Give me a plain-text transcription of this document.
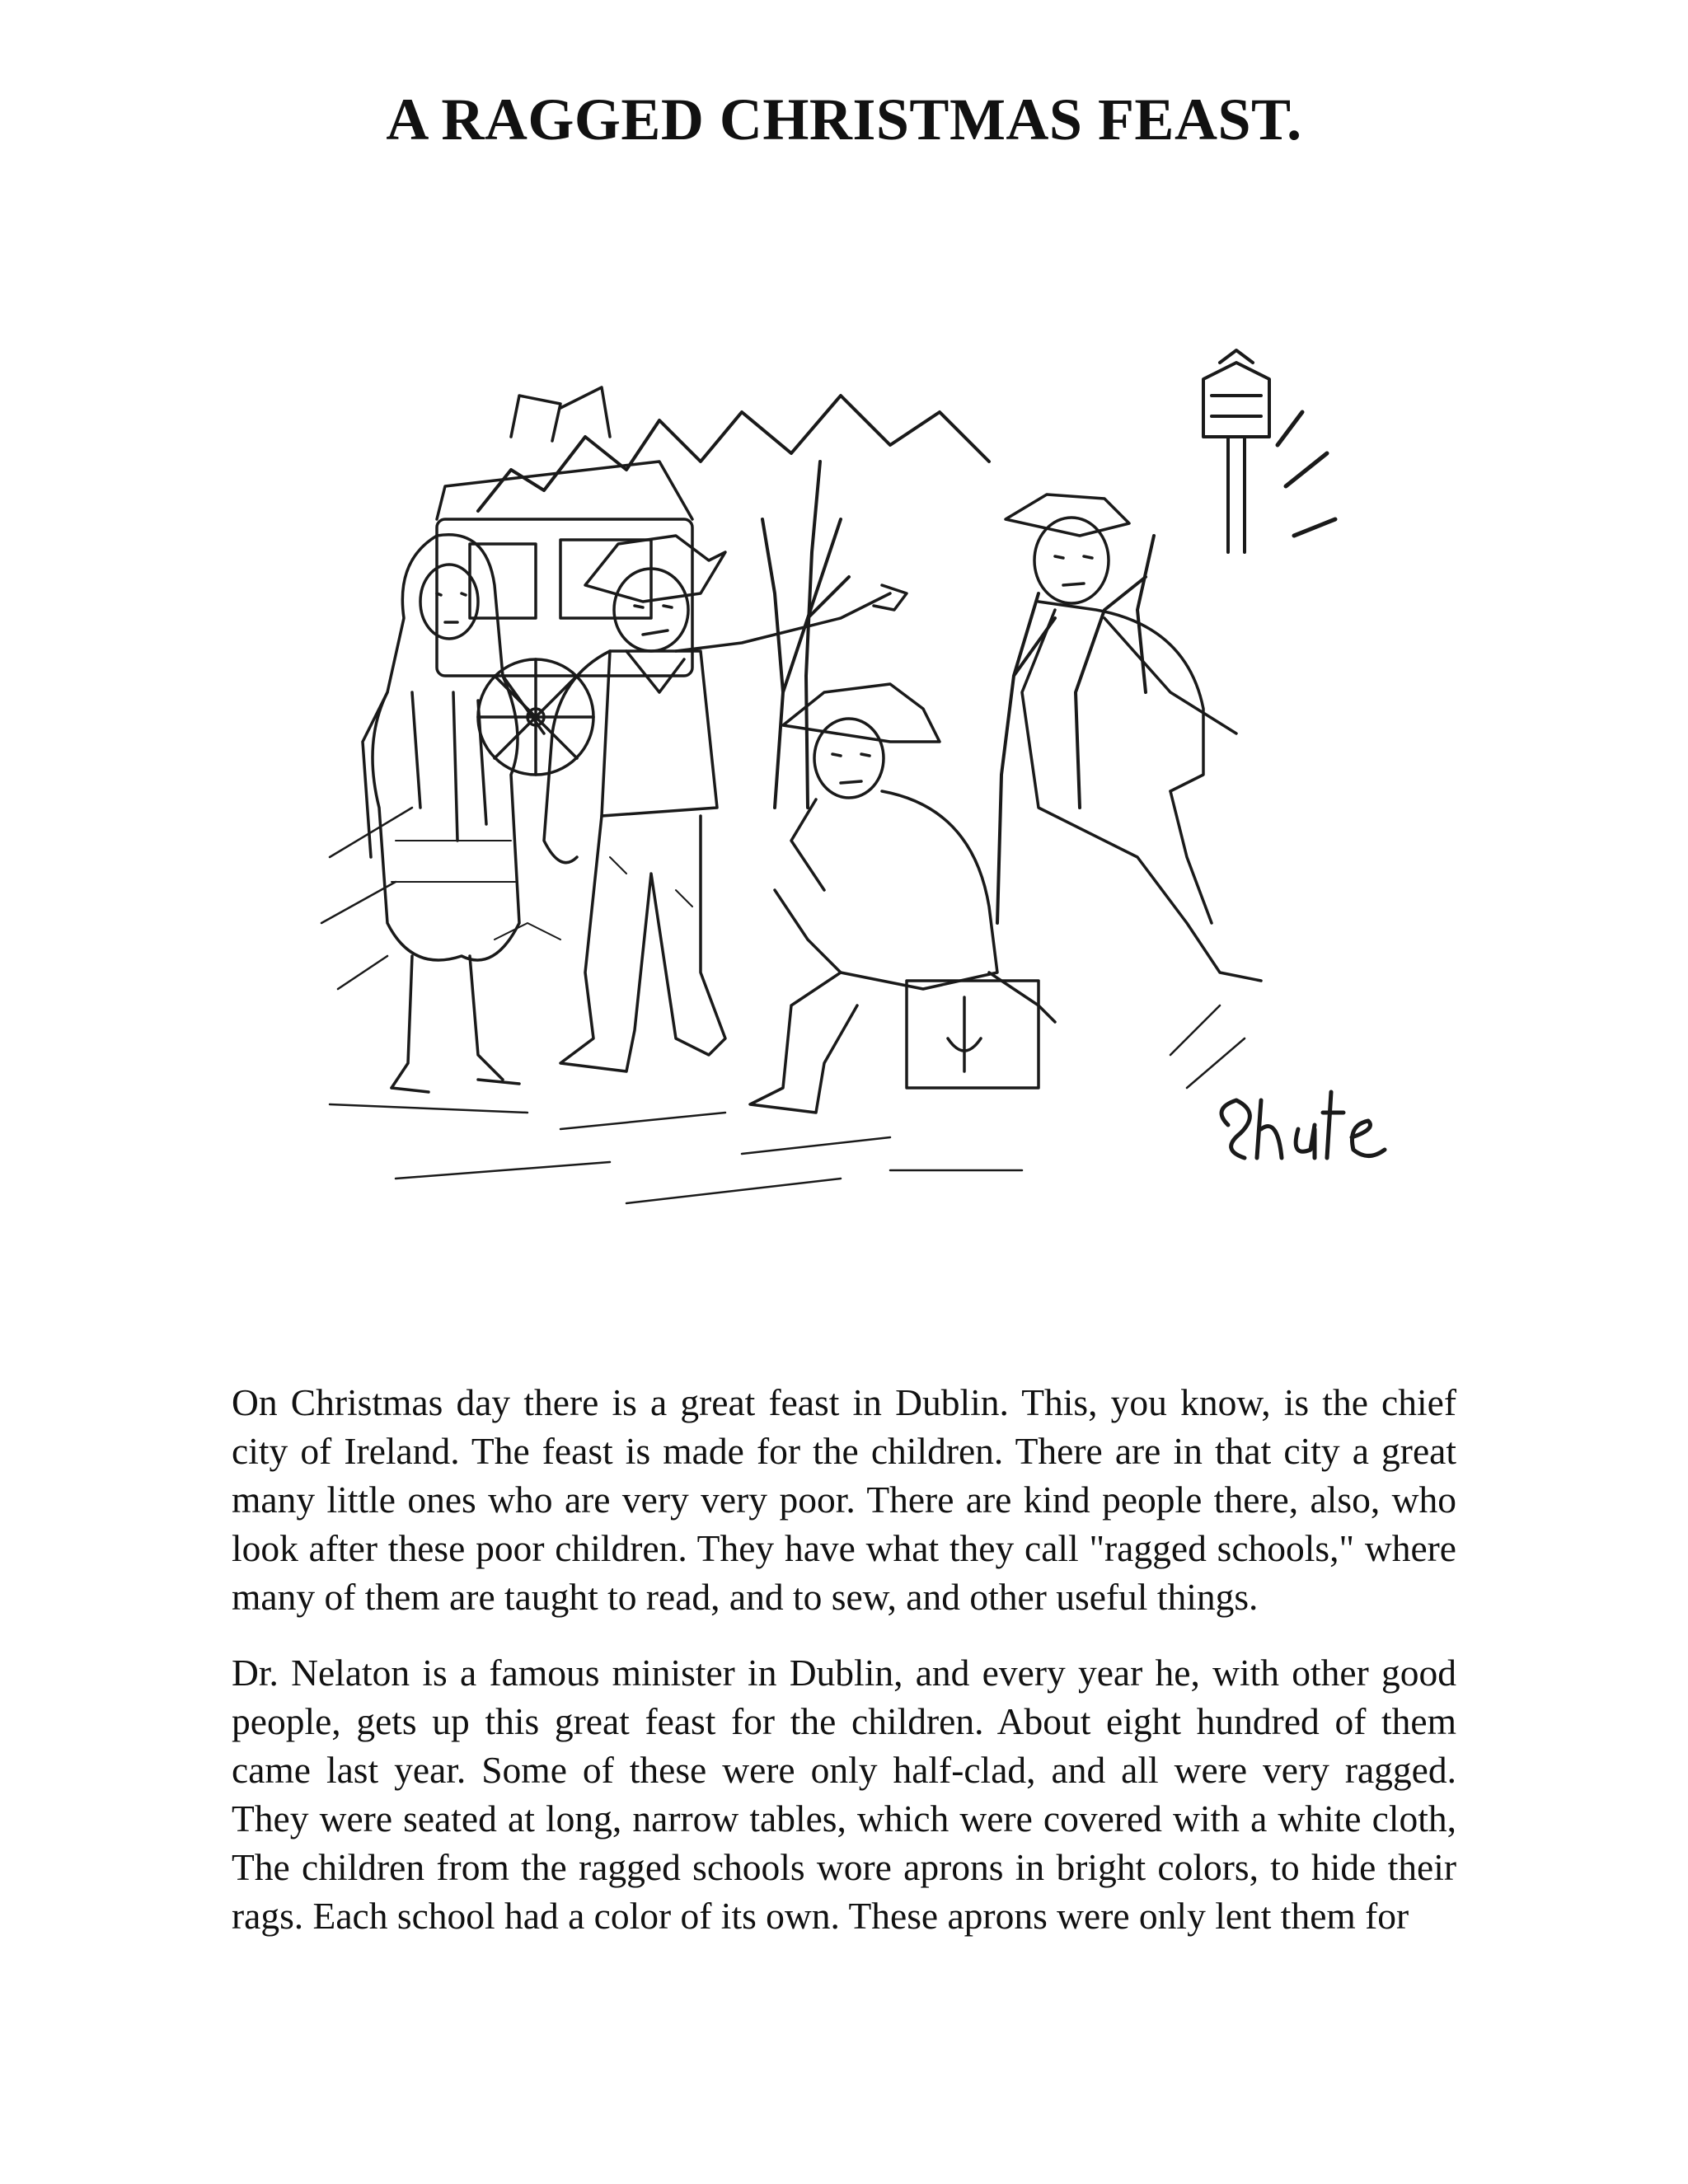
A RAGGED CHRISTMAS FEAST.

On Christmas day there is a great feast in Dublin. This, you know, is the chief city of Ireland. The feast is made for the children. There are in that city a great many little ones who are very very poor. There are kind people there, also, who look after these poor children. They have what they call "ragged schools," where many of them are taught to read, and to sew, and other useful things.

Dr. Nelaton is a famous minister in Dublin, and every year he, with other good people, gets up this great feast for the children. About eight hundred of them came last year. Some of these were only half-clad, and all were very ragged. They were seated at long, narrow tables, which were covered with a white cloth, The children from the ragged schools wore aprons in bright colors, to hide their rags. Each school had a color of its own. These aprons were only lent them for
